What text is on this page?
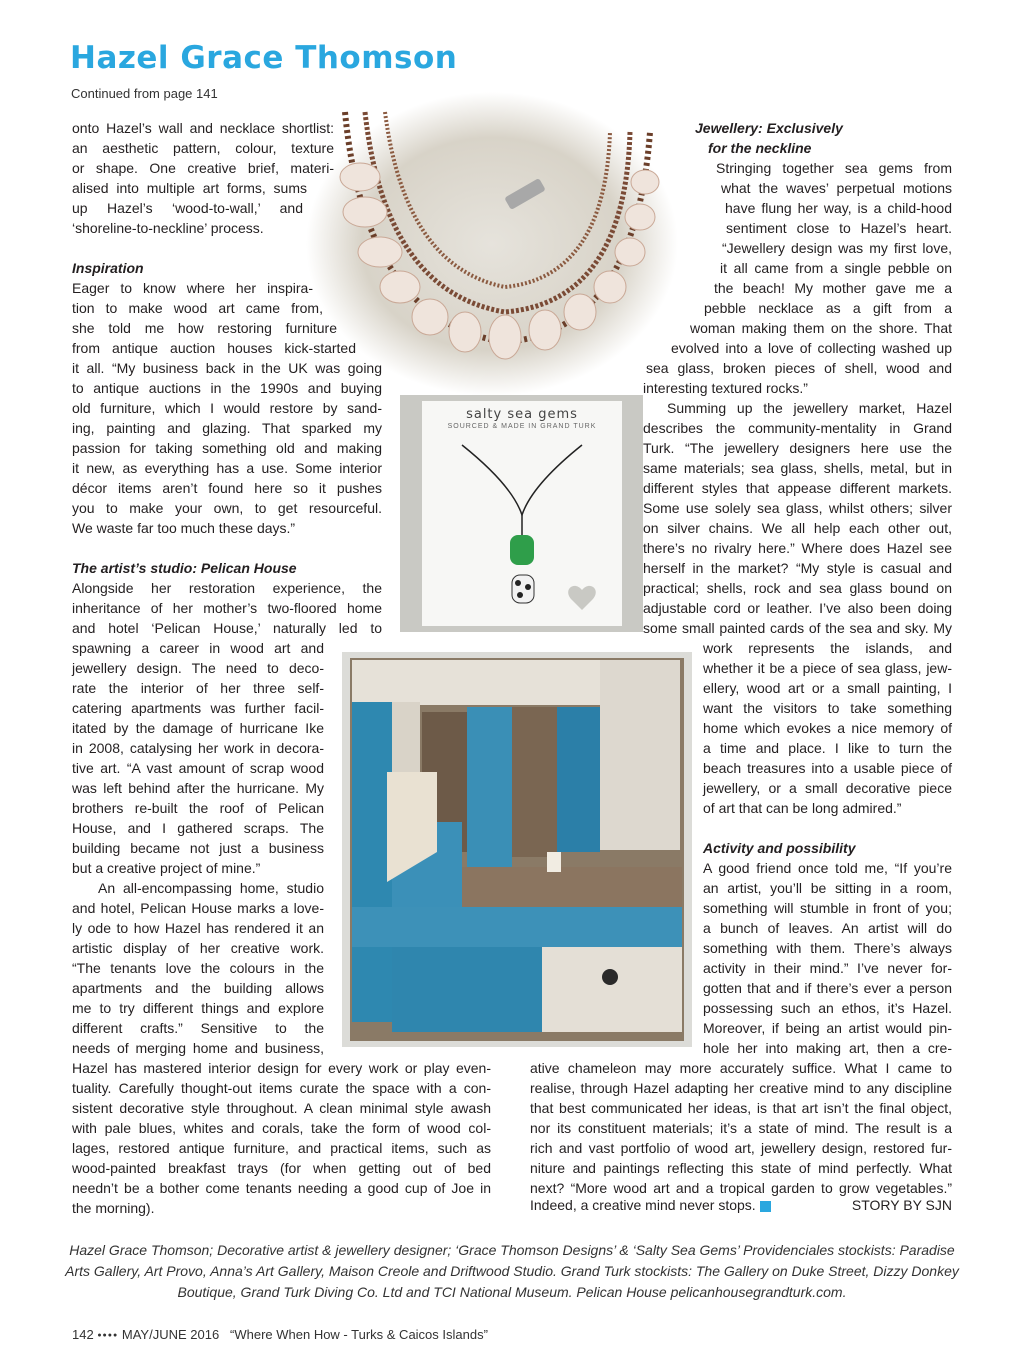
Hazel Grace Thomson
Continued from page 141
salty sea gems
SOURCED & MADE IN GRAND TURK
onto Hazel’s wall and necklace shortlist:
an aesthetic pattern, colour, texture
or shape. One creative brief, materi-
alised into multiple art forms, sums
up Hazel’s ‘wood-to-wall,’ and
‘shoreline-to-neckline’ process.
Inspiration
Eager to know where her inspira-
tion to make wood art came from,
she told me how restoring furniture
from antique auction houses kick-started
it all. “My business back in the UK was going
to antique auctions in the 1990s and buying
old furniture, which I would restore by sand-
ing, painting and glazing. That sparked my
passion for taking something old and making
it new, as everything has a use. Some interior
décor items aren’t found here so it pushes
you to make your own, to get resourceful.
We waste far too much these days.”
The artist’s studio: Pelican House
Alongside her restoration experience, the
inheritance of her mother’s two-floored home
and hotel ‘Pelican House,’ naturally led to
spawning a career in wood art and
jewellery design. The need to deco-
rate the interior of her three self-
catering apartments was further facil-
itated by the damage of hurricane Ike
in 2008, catalysing her work in decora-
tive art. “A vast amount of scrap wood
was left behind after the hurricane. My
brothers re-built the roof of Pelican
House, and I gathered scraps. The
building became not just a business
but a creative project of mine.”
An all-encompassing home, studio
and hotel, Pelican House marks a love-
ly ode to how Hazel has rendered it an
artistic display of her creative work.
“The tenants love the colours in the
apartments and the building allows
me to try different things and explore
different crafts.” Sensitive to the
needs of merging home and business,
Hazel has mastered interior design for every work or play even-
tuality. Carefully thought-out items curate the space with a con-
sistent decorative style throughout. A clean minimal style awash
with pale blues, whites and corals, take the form of wood col-
lages, restored antique furniture, and practical items, such as
wood-painted breakfast trays (for when getting out of bed
needn’t be a bother come tenants needing a good cup of Joe in
the morning).
Jewellery: Exclusively
for the neckline
Stringing together sea gems from
what the waves’ perpetual motions
have flung her way, is a child-hood
sentiment close to Hazel’s heart.
“Jewellery design was my first love,
it all came from a single pebble on
the beach! My mother gave me a
pebble necklace as a gift from a
woman making them on the shore. That
evolved into a love of collecting washed up
sea glass, broken pieces of shell, wood and
interesting textured rocks.”
Summing up the jewellery market, Hazel
describes the community-mentality in Grand
Turk. “The jewellery designers here use the
same materials; sea glass, shells, metal, but in
different styles that appease different markets.
Some use solely sea glass, whilst others; silver
on silver chains. We all help each other out,
there’s no rivalry here.” Where does Hazel see
herself in the market? “My style is casual and
practical; shells, rock and sea glass bound on
adjustable cord or leather. I’ve also been doing
some small painted cards of the sea and sky. My
work represents the islands, and
whether it be a piece of sea glass, jew-
ellery, wood art or a small painting, I
want the visitors to take something
home which evokes a nice memory of
a time and place. I like to turn the
beach treasures into a usable piece of
jewellery, or a small decorative piece
of art that can be long admired.”
Activity and possibility
A good friend once told me, “If you’re
an artist, you’ll be sitting in a room,
something will stumble in front of you;
a bunch of leaves. An artist will do
something with them. There’s always
activity in their mind.” I’ve never for-
gotten that and if there’s ever a person
possessing such an ethos, it’s Hazel.
Moreover, if being an artist would pin-
hole her into making art, then a cre-
ative chameleon may more accurately suffice. What I came to
realise, through Hazel adapting her creative mind to any discipline
that best communicated her ideas, is that art isn’t the final object,
nor its constituent materials; it’s a state of mind. The result is a
rich and vast portfolio of wood art, jewellery design, restored fur-
niture and paintings reflecting this state of mind perfectly. What
next? “More wood art and a tropical garden to grow vegetables.”
Indeed, a creative mind never stops.	STORY BY SJN
Hazel Grace Thomson; Decorative artist & jewellery designer; ‘Grace Thomson Designs’ & ‘Salty Sea Gems’ Providenciales stockists: Paradise Arts Gallery, Art Provo, Anna’s Art Gallery, Maison Creole and Driftwood Studio. Grand Turk stockists: The Gallery on Duke Street, Dizzy Donkey Boutique, Grand Turk Diving Co. Ltd and TCI National Museum. Pelican House pelicanhousegrandturk.com.
142 ●●●● MAY/JUNE 2016 “Where When How - Turks & Caicos Islands”
